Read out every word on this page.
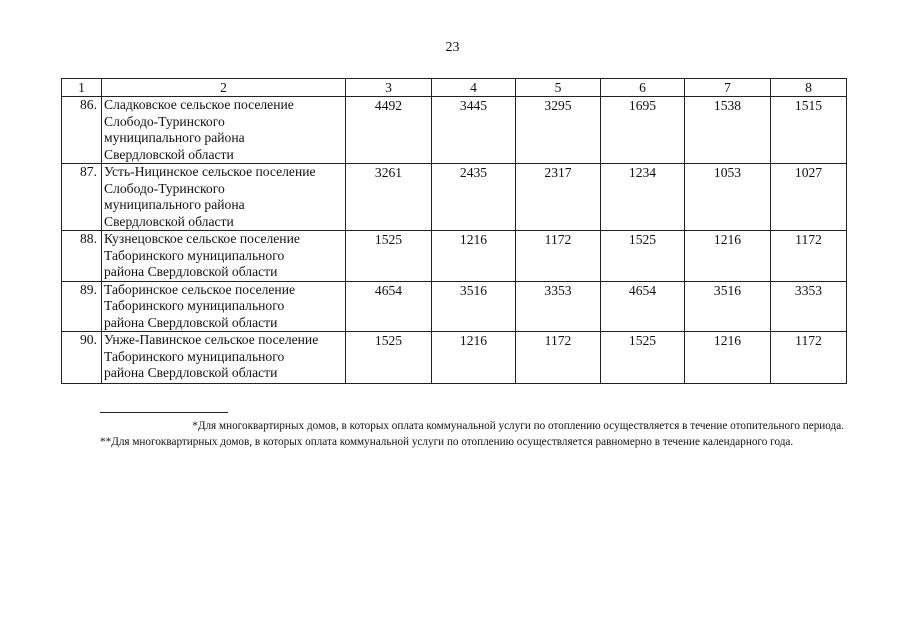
23
1	2	3	4	5	6	7	8
86.	Сладковское сельское поселение
Слободо-Туринского
муниципального района
Свердловской области	4492	3445	3295	1695	1538	1515
87.	Усть-Ницинское сельское поселение
Слободо-Туринского
муниципального района
Свердловской области	3261	2435	2317	1234	1053	1027
88.	Кузнецовское сельское поселение
Таборинского муниципального
района Свердловской области	1525	1216	1172	1525	1216	1172
89.	Таборинское сельское поселение
Таборинского муниципального
района Свердловской области	4654	3516	3353	4654	3516	3353
90.	Унже-Павинское сельское поселение
Таборинского муниципального
района Свердловской области	1525	1216	1172	1525	1216	1172
*Для многоквартирных домов, в которых оплата коммунальной услуги по отоплению осуществляется в течение отопительного периода.
**Для многоквартирных домов, в которых оплата коммунальной услуги по отоплению осуществляется равномерно в течение календарного года.
